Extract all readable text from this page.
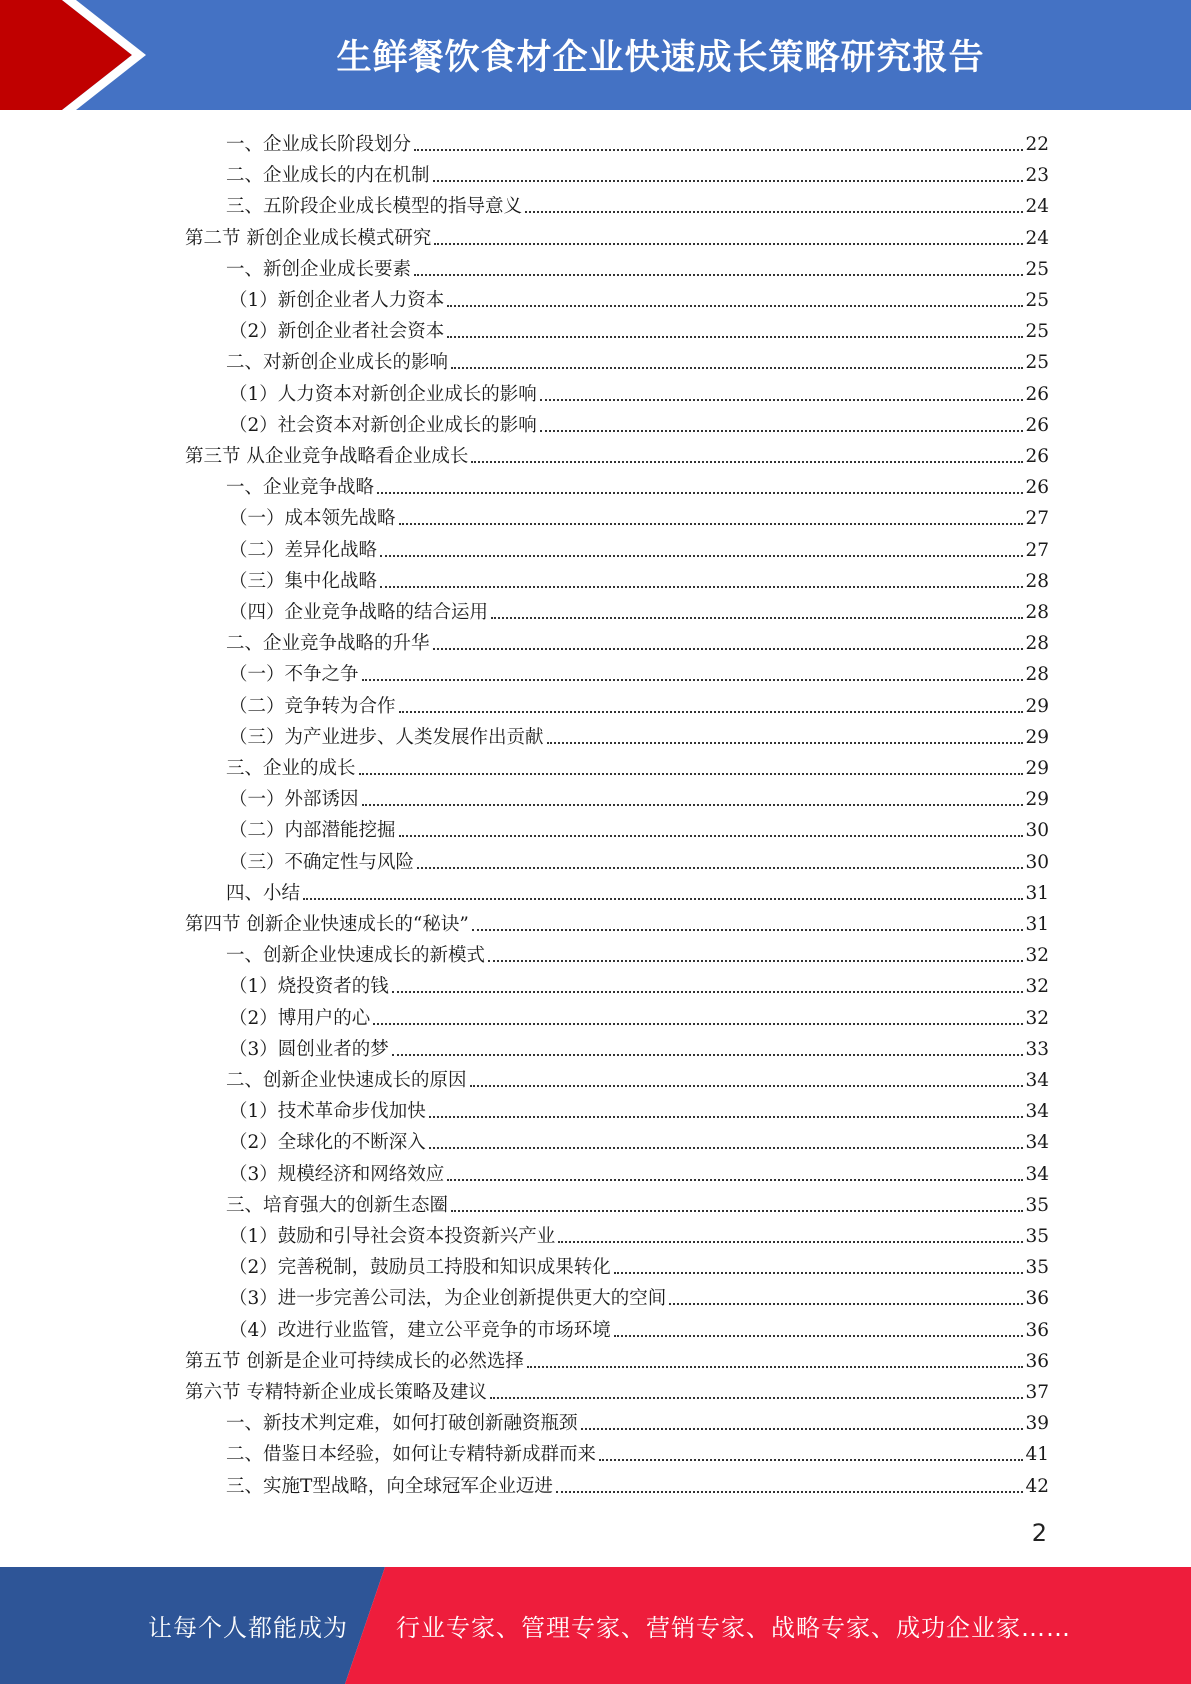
生鲜餐饮食材企业快速成长策略研究报告
一、企业成长阶段划分	22
二、企业成长的内在机制	23
三、五阶段企业成长模型的指导意义	24
第二节 新创企业成长模式研究	24
一、新创企业成长要素	25
（1）新创企业者人力资本	25
（2）新创企业者社会资本	25
二、对新创企业成长的影响	25
（1）人力资本对新创企业成长的影响	26
（2）社会资本对新创企业成长的影响	26
第三节 从企业竞争战略看企业成长	26
一、企业竞争战略	26
（一）成本领先战略	27
（二）差异化战略	27
（三）集中化战略	28
（四）企业竞争战略的结合运用	28
二、企业竞争战略的升华	28
（一）不争之争	28
（二）竞争转为合作	29
（三）为产业进步、人类发展作出贡献	29
三、企业的成长	29
（一）外部诱因	29
（二）内部潜能挖掘	30
（三）不确定性与风险	30
四、小结	31
第四节 创新企业快速成长的“秘诀”	31
一、创新企业快速成长的新模式	32
（1）烧投资者的钱	32
（2）博用户的心	32
（3）圆创业者的梦	33
二、创新企业快速成长的原因	34
（1）技术革命步伐加快	34
（2）全球化的不断深入	34
（3）规模经济和网络效应	34
三、培育强大的创新生态圈	35
（1）鼓励和引导社会资本投资新兴产业	35
（2）完善税制，鼓励员工持股和知识成果转化	35
（3）进一步完善公司法，为企业创新提供更大的空间	36
（4）改进行业监管，建立公平竞争的市场环境	36
第五节 创新是企业可持续成长的必然选择	36
第六节 专精特新企业成长策略及建议	37
一、新技术判定难，如何打破创新融资瓶颈	39
二、借鉴日本经验，如何让专精特新成群而来	41
三、实施T型战略，向全球冠军企业迈进	42
2
让每个人都能成为	行业专家、管理专家、营销专家、战略专家、成功企业家……
